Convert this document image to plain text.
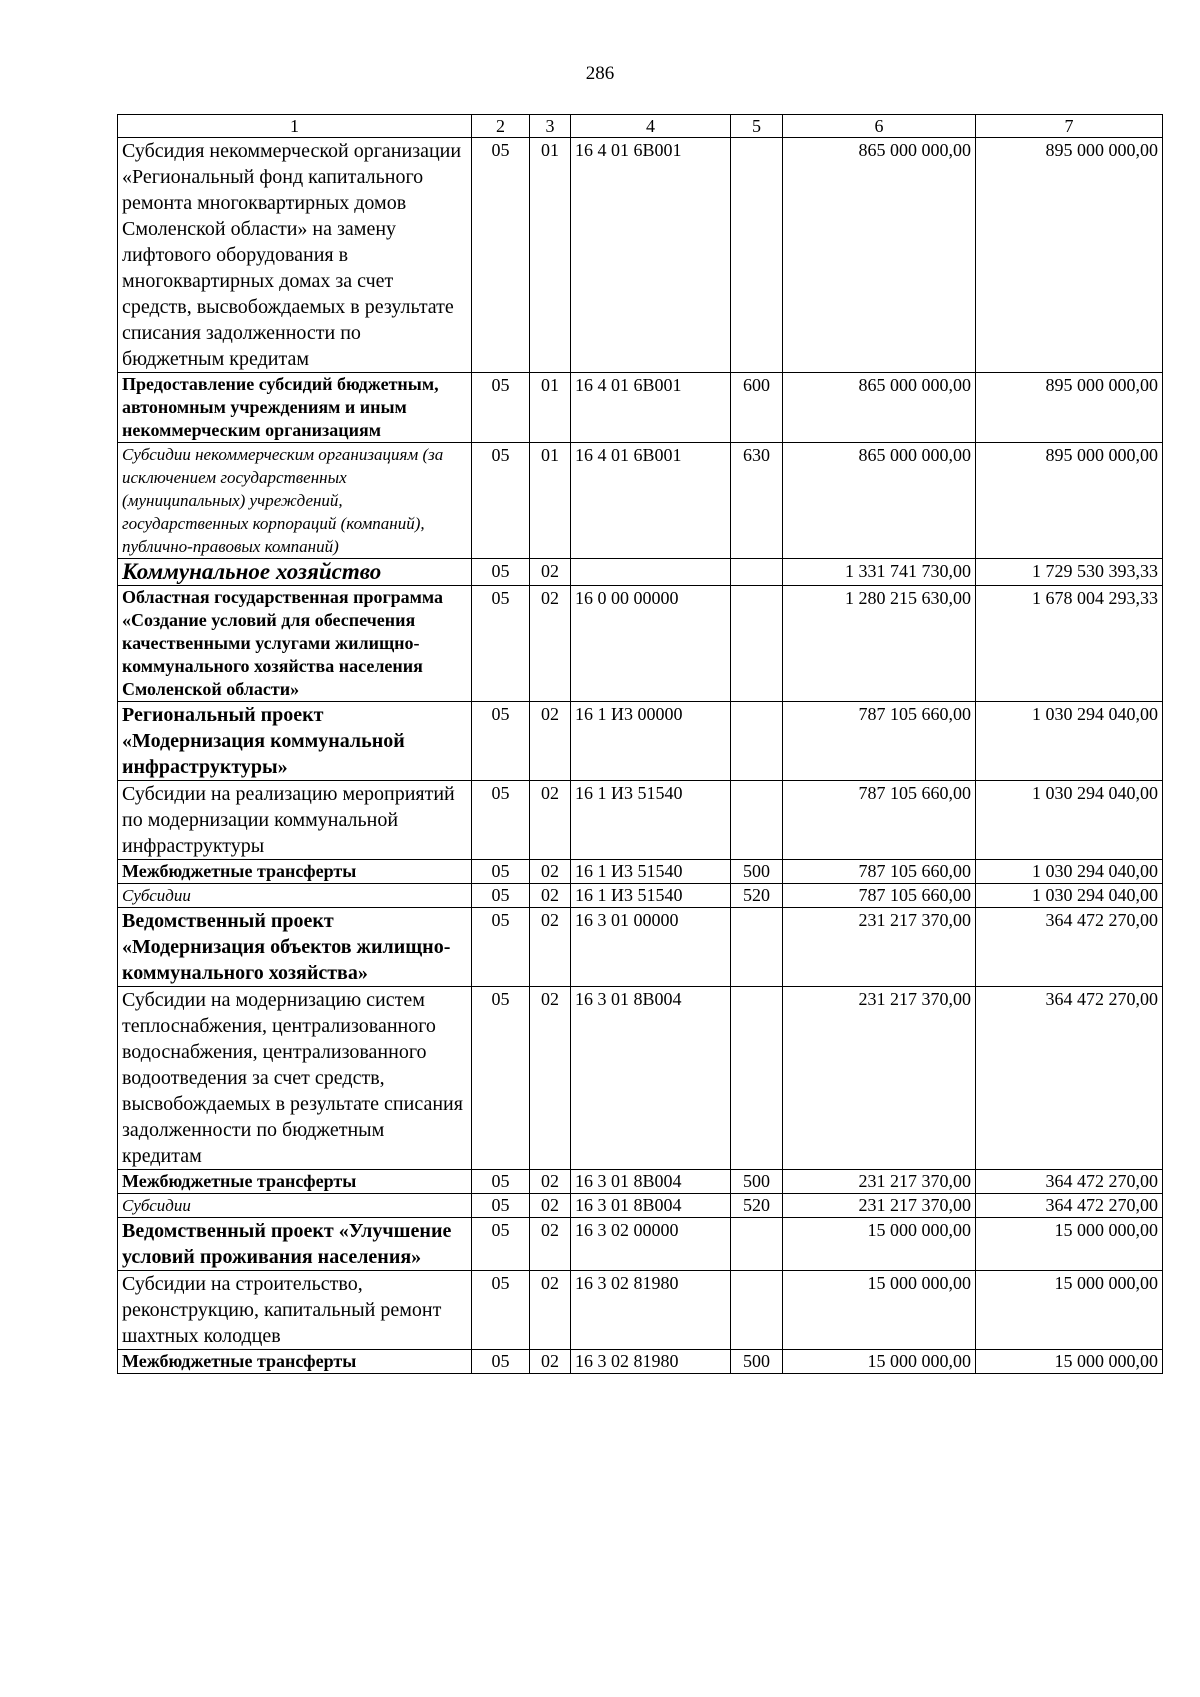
286
1	2	3	4	5	6	7
Субсидия некоммерческой организации «Региональный фонд капитального ремонта многоквартирных домов Смоленской области» на замену лифтового оборудования в многоквартирных домах за счет средств, высвобождаемых в результате списания задолженности по бюджетным кредитам	05	01	16 4 01 6B001		865 000 000,00	895 000 000,00
Предоставление субсидий бюджетным, автономным учреждениям и иным некоммерческим организациям	05	01	16 4 01 6B001	600	865 000 000,00	895 000 000,00
Субсидии некоммерческим организациям (за исключением государственных (муниципальных) учреждений, государственных корпораций (компаний), публично-правовых компаний)	05	01	16 4 01 6B001	630	865 000 000,00	895 000 000,00
Коммунальное хозяйство	05	02			1 331 741 730,00	1 729 530 393,33
Областная государственная программа «Создание условий для обеспечения качественными услугами жилищно-коммунального хозяйства населения Смоленской области»	05	02	16 0 00 00000		1 280 215 630,00	1 678 004 293,33
Региональный проект «Модернизация коммунальной инфраструктуры»	05	02	16 1 И3 00000		787 105 660,00	1 030 294 040,00
Субсидии на реализацию мероприятий по модернизации коммунальной инфраструктуры	05	02	16 1 И3 51540		787 105 660,00	1 030 294 040,00
Межбюджетные трансферты	05	02	16 1 И3 51540	500	787 105 660,00	1 030 294 040,00
Субсидии	05	02	16 1 И3 51540	520	787 105 660,00	1 030 294 040,00
Ведомственный проект «Модернизация объектов жилищно-коммунального хозяйства»	05	02	16 3 01 00000		231 217 370,00	364 472 270,00
Субсидии на модернизацию систем теплоснабжения, централизованного водоснабжения, централизованного водоотведения за счет средств, высвобождаемых в результате списания задолженности по бюджетным кредитам	05	02	16 3 01 8B004		231 217 370,00	364 472 270,00
Межбюджетные трансферты	05	02	16 3 01 8B004	500	231 217 370,00	364 472 270,00
Субсидии	05	02	16 3 01 8B004	520	231 217 370,00	364 472 270,00
Ведомственный проект «Улучшение условий проживания населения»	05	02	16 3 02 00000		15 000 000,00	15 000 000,00
Субсидии на строительство, реконструкцию, капитальный ремонт шахтных колодцев	05	02	16 3 02 81980		15 000 000,00	15 000 000,00
Межбюджетные трансферты	05	02	16 3 02 81980	500	15 000 000,00	15 000 000,00
